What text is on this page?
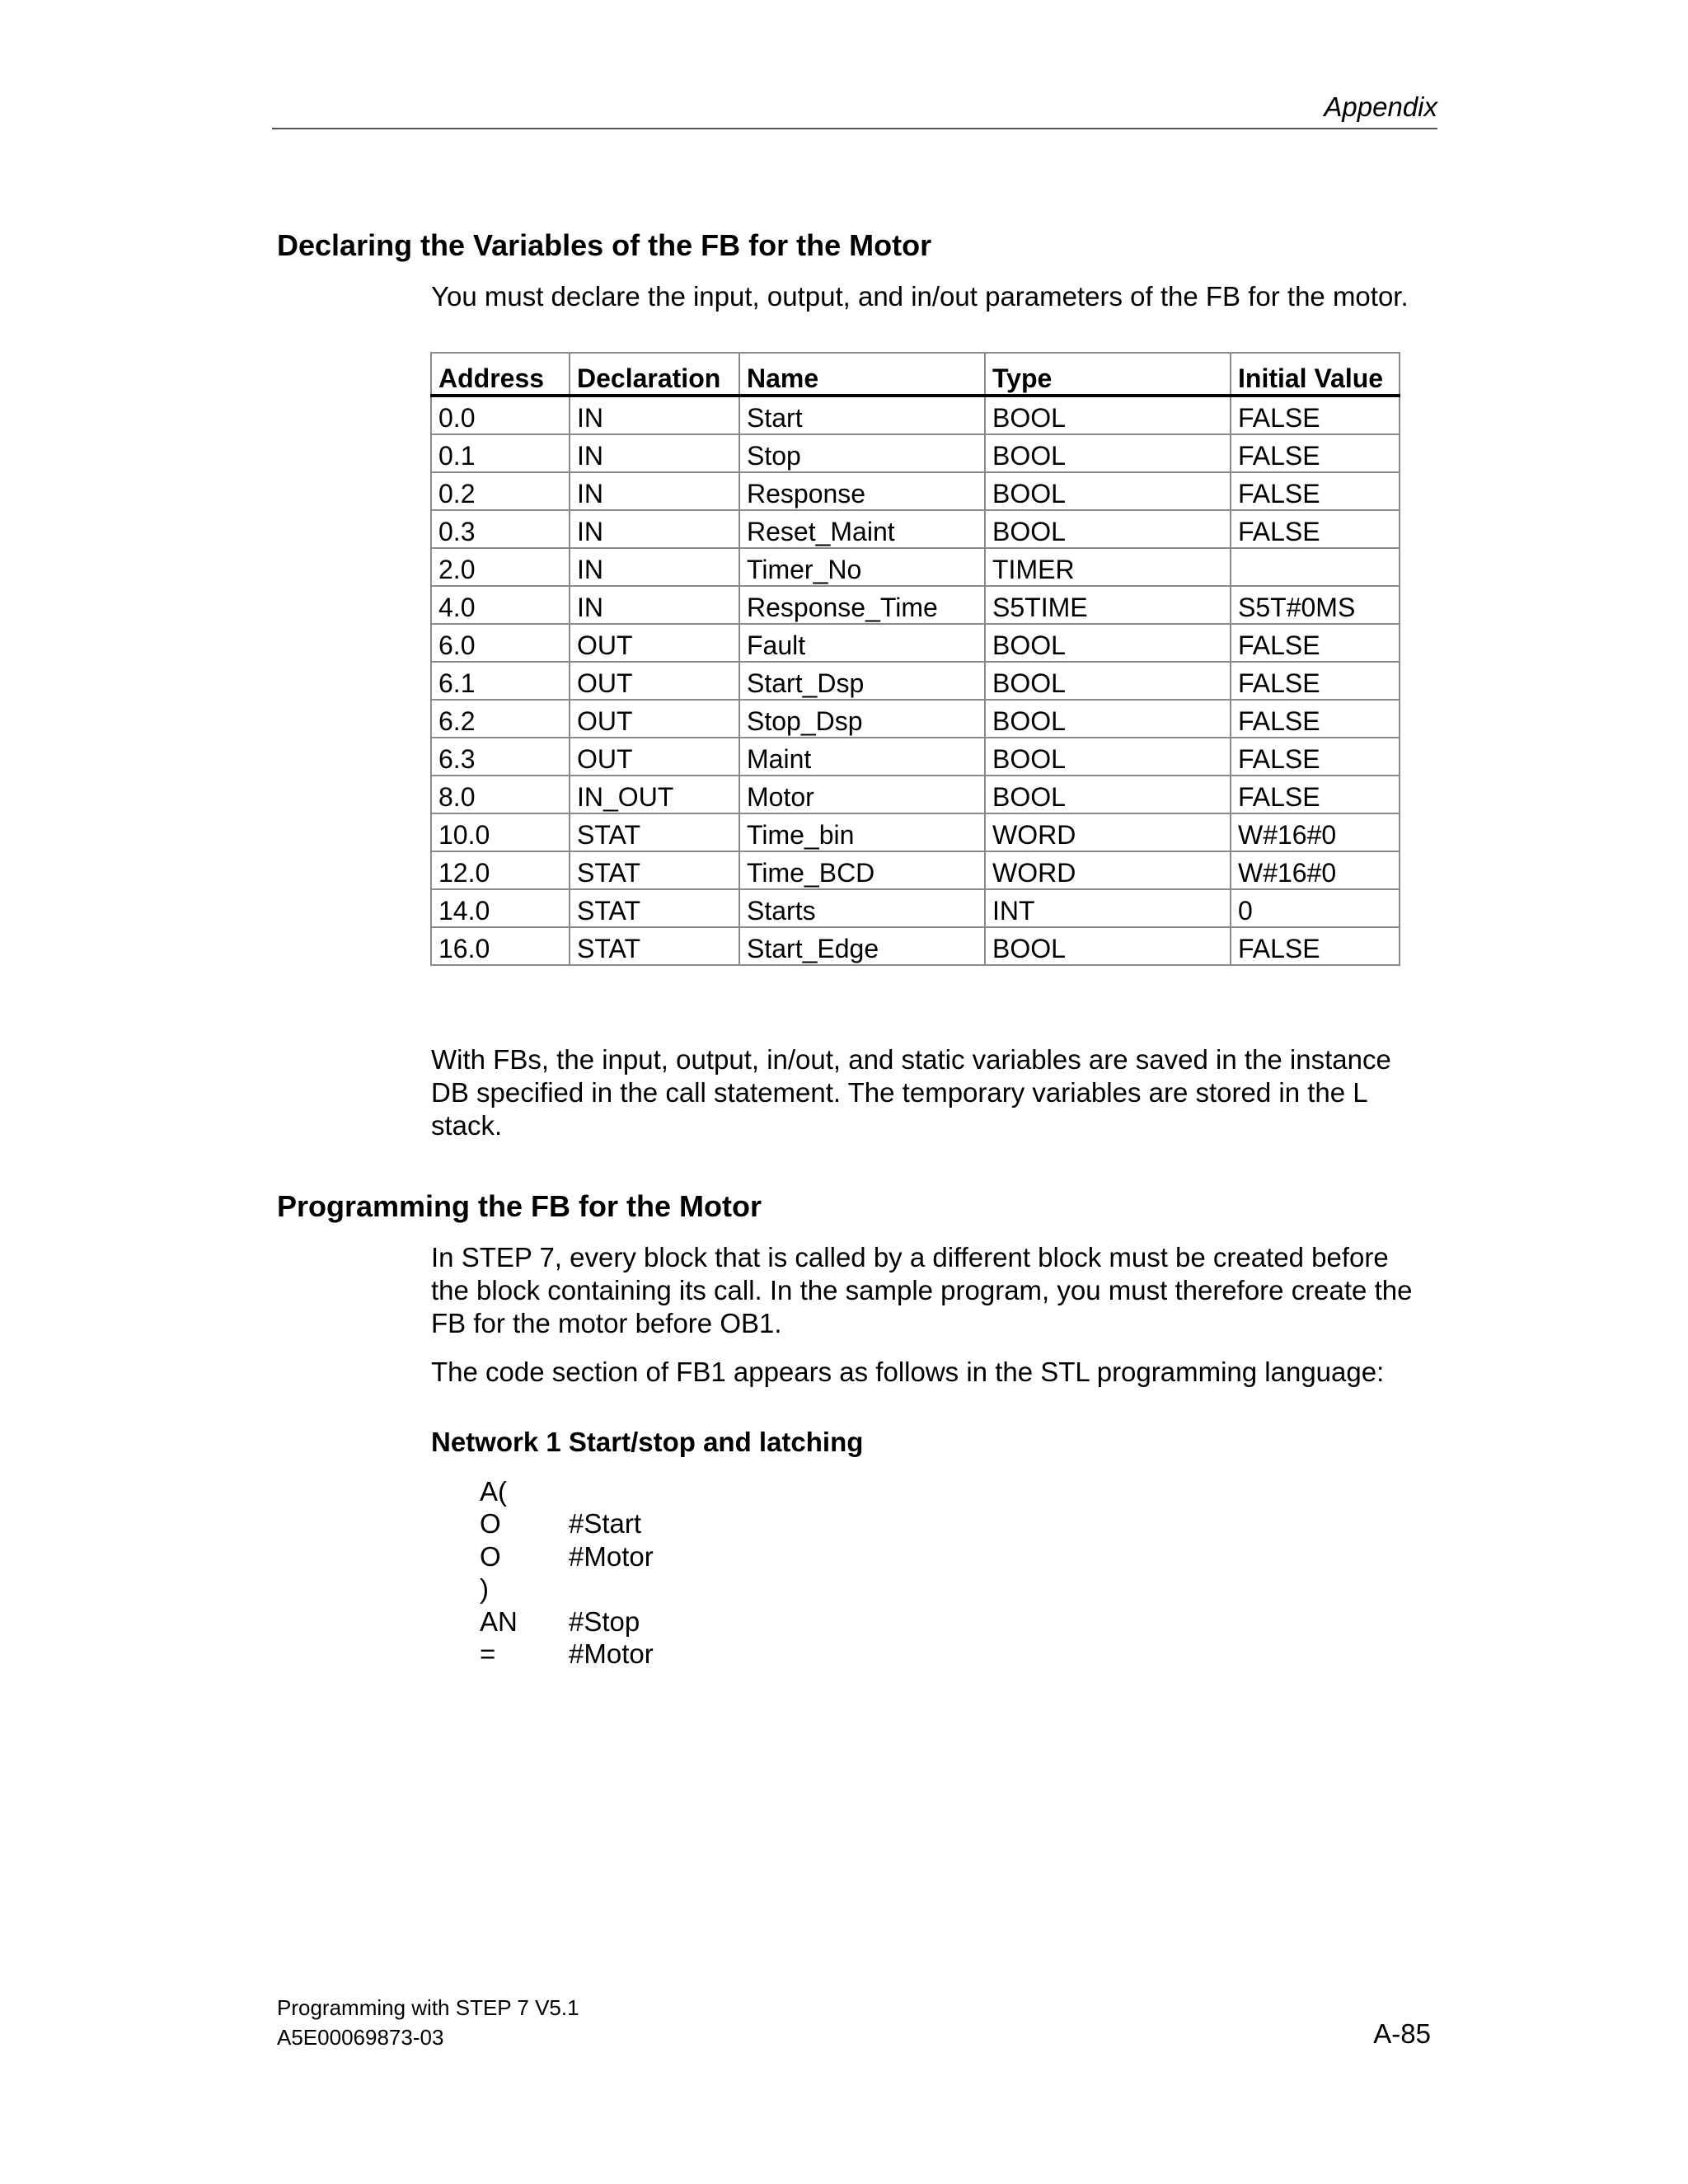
Appendix
Declaring the Variables of the FB for the Motor
You must declare the input, output, and in/out parameters of the FB for the motor.
Address	Declaration	Name	Type	Initial Value
0.0	IN	Start	BOOL	FALSE
0.1	IN	Stop	BOOL	FALSE
0.2	IN	Response	BOOL	FALSE
0.3	IN	Reset_Maint	BOOL	FALSE
2.0	IN	Timer_No	TIMER	
4.0	IN	Response_Time	S5TIME	S5T#0MS
6.0	OUT	Fault	BOOL	FALSE
6.1	OUT	Start_Dsp	BOOL	FALSE
6.2	OUT	Stop_Dsp	BOOL	FALSE
6.3	OUT	Maint	BOOL	FALSE
8.0	IN_OUT	Motor	BOOL	FALSE
10.0	STAT	Time_bin	WORD	W#16#0
12.0	STAT	Time_BCD	WORD	W#16#0
14.0	STAT	Starts	INT	0
16.0	STAT	Start_Edge	BOOL	FALSE
With FBs, the input, output, in/out, and static variables are saved in the instance DB specified in the call statement. The temporary variables are stored in the L stack.
Programming the FB for the Motor
In STEP 7, every block that is called by a different block must be created before the block containing its call. In the sample program, you must therefore create the FB for the motor before OB1.
The code section of FB1 appears as follows in the STL programming language:
Network 1 Start/stop and latching
A(
O	#Start
O	#Motor
)
AN	#Stop
=	#Motor
Programming with STEP 7 V5.1
A5E00069873-03	A-85
